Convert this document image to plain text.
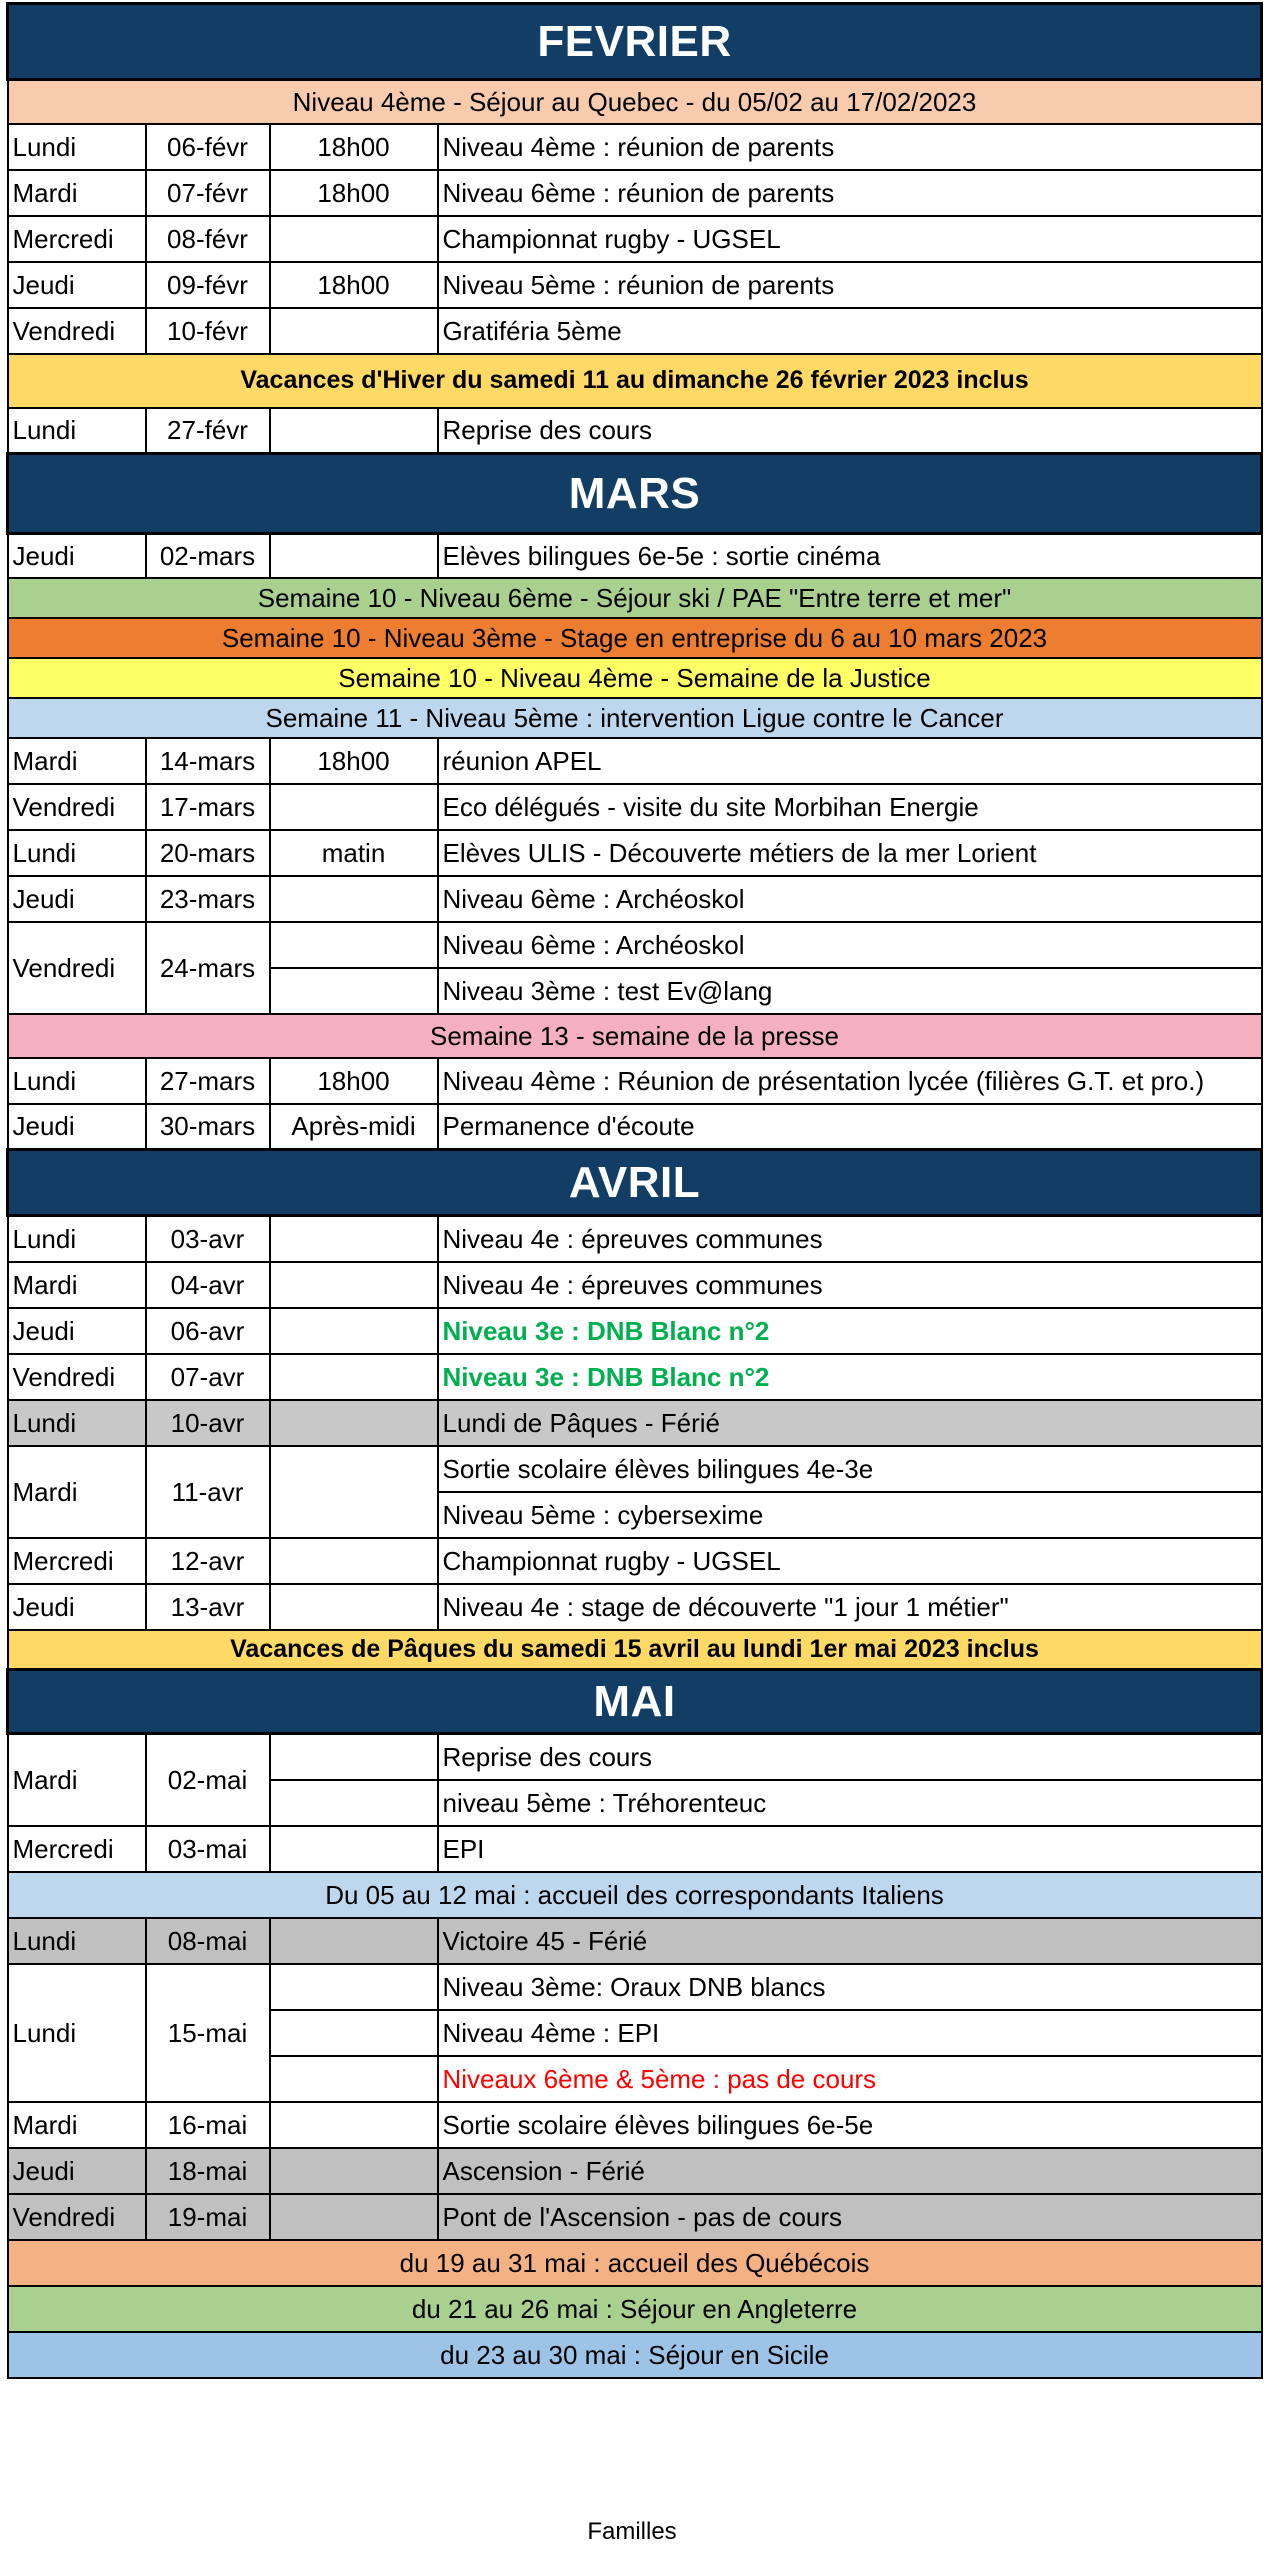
FEVRIER			
Niveau 4ème - Séjour au Quebec - du 05/02 au 17/02/2023			
Lundi	06-févr	18h00	Niveau 4ème : réunion de parents
Mardi	07-févr	18h00	Niveau 6ème : réunion de parents
Mercredi	08-févr		Championnat rugby - UGSEL
Jeudi	09-févr	18h00	Niveau 5ème : réunion de parents
Vendredi	10-févr		Gratiféria 5ème
Vacances d'Hiver du samedi 11 au dimanche 26 février 2023 inclus			
Lundi	27-févr		Reprise des cours
MARS			
Jeudi	02-mars		Elèves bilingues 6e-5e : sortie cinéma
Semaine 10 - Niveau 6ème - Séjour ski / PAE "Entre terre et mer"			
Semaine 10 - Niveau 3ème - Stage en entreprise du 6 au 10 mars 2023			
Semaine 10 - Niveau 4ème - Semaine de la Justice			
Semaine 11 - Niveau 5ème : intervention Ligue contre le Cancer			
Mardi	14-mars	18h00	réunion APEL
Vendredi	17-mars		Eco délégués - visite du site Morbihan Energie
Lundi	20-mars	matin	Elèves ULIS - Découverte métiers de la mer Lorient
Jeudi	23-mars		Niveau 6ème : Archéoskol
Vendredi	24-mars		Niveau 6ème : Archéoskol
			Niveau 3ème : test Ev@lang
Semaine 13 - semaine de la presse			
Lundi	27-mars	18h00	Niveau 4ème : Réunion de présentation lycée (filières G.T. et pro.)
Jeudi	30-mars	Après-midi	Permanence d'écoute
AVRIL			
Lundi	03-avr		Niveau 4e : épreuves communes
Mardi	04-avr		Niveau 4e : épreuves communes
Jeudi	06-avr		Niveau 3e : DNB Blanc n°2
Vendredi	07-avr		Niveau 3e : DNB Blanc n°2
Lundi	10-avr		Lundi de Pâques - Férié
Mardi	11-avr		Sortie scolaire élèves bilingues 4e-3e
			Niveau 5ème : cybersexime
Mercredi	12-avr		Championnat rugby - UGSEL
Jeudi	13-avr		Niveau 4e : stage de découverte "1 jour 1 métier"
Vacances de Pâques du samedi 15 avril au lundi 1er mai 2023 inclus			
MAI			
Mardi	02-mai		Reprise des cours
			niveau 5ème : Tréhorenteuc
Mercredi	03-mai		EPI
Du 05 au 12 mai : accueil des correspondants Italiens			
Lundi	08-mai		Victoire 45 - Férié
Lundi	15-mai		Niveau 3ème: Oraux DNB blancs
			Niveau 4ème : EPI
			Niveaux 6ème & 5ème : pas de cours
Mardi	16-mai		Sortie scolaire élèves bilingues 6e-5e
Jeudi	18-mai		Ascension - Férié
Vendredi	19-mai		Pont de l'Ascension - pas de cours
du 19 au 31 mai : accueil des Québécois			
du 21 au 26 mai : Séjour en Angleterre			
du 23 au 30 mai : Séjour en Sicile			
Familles
